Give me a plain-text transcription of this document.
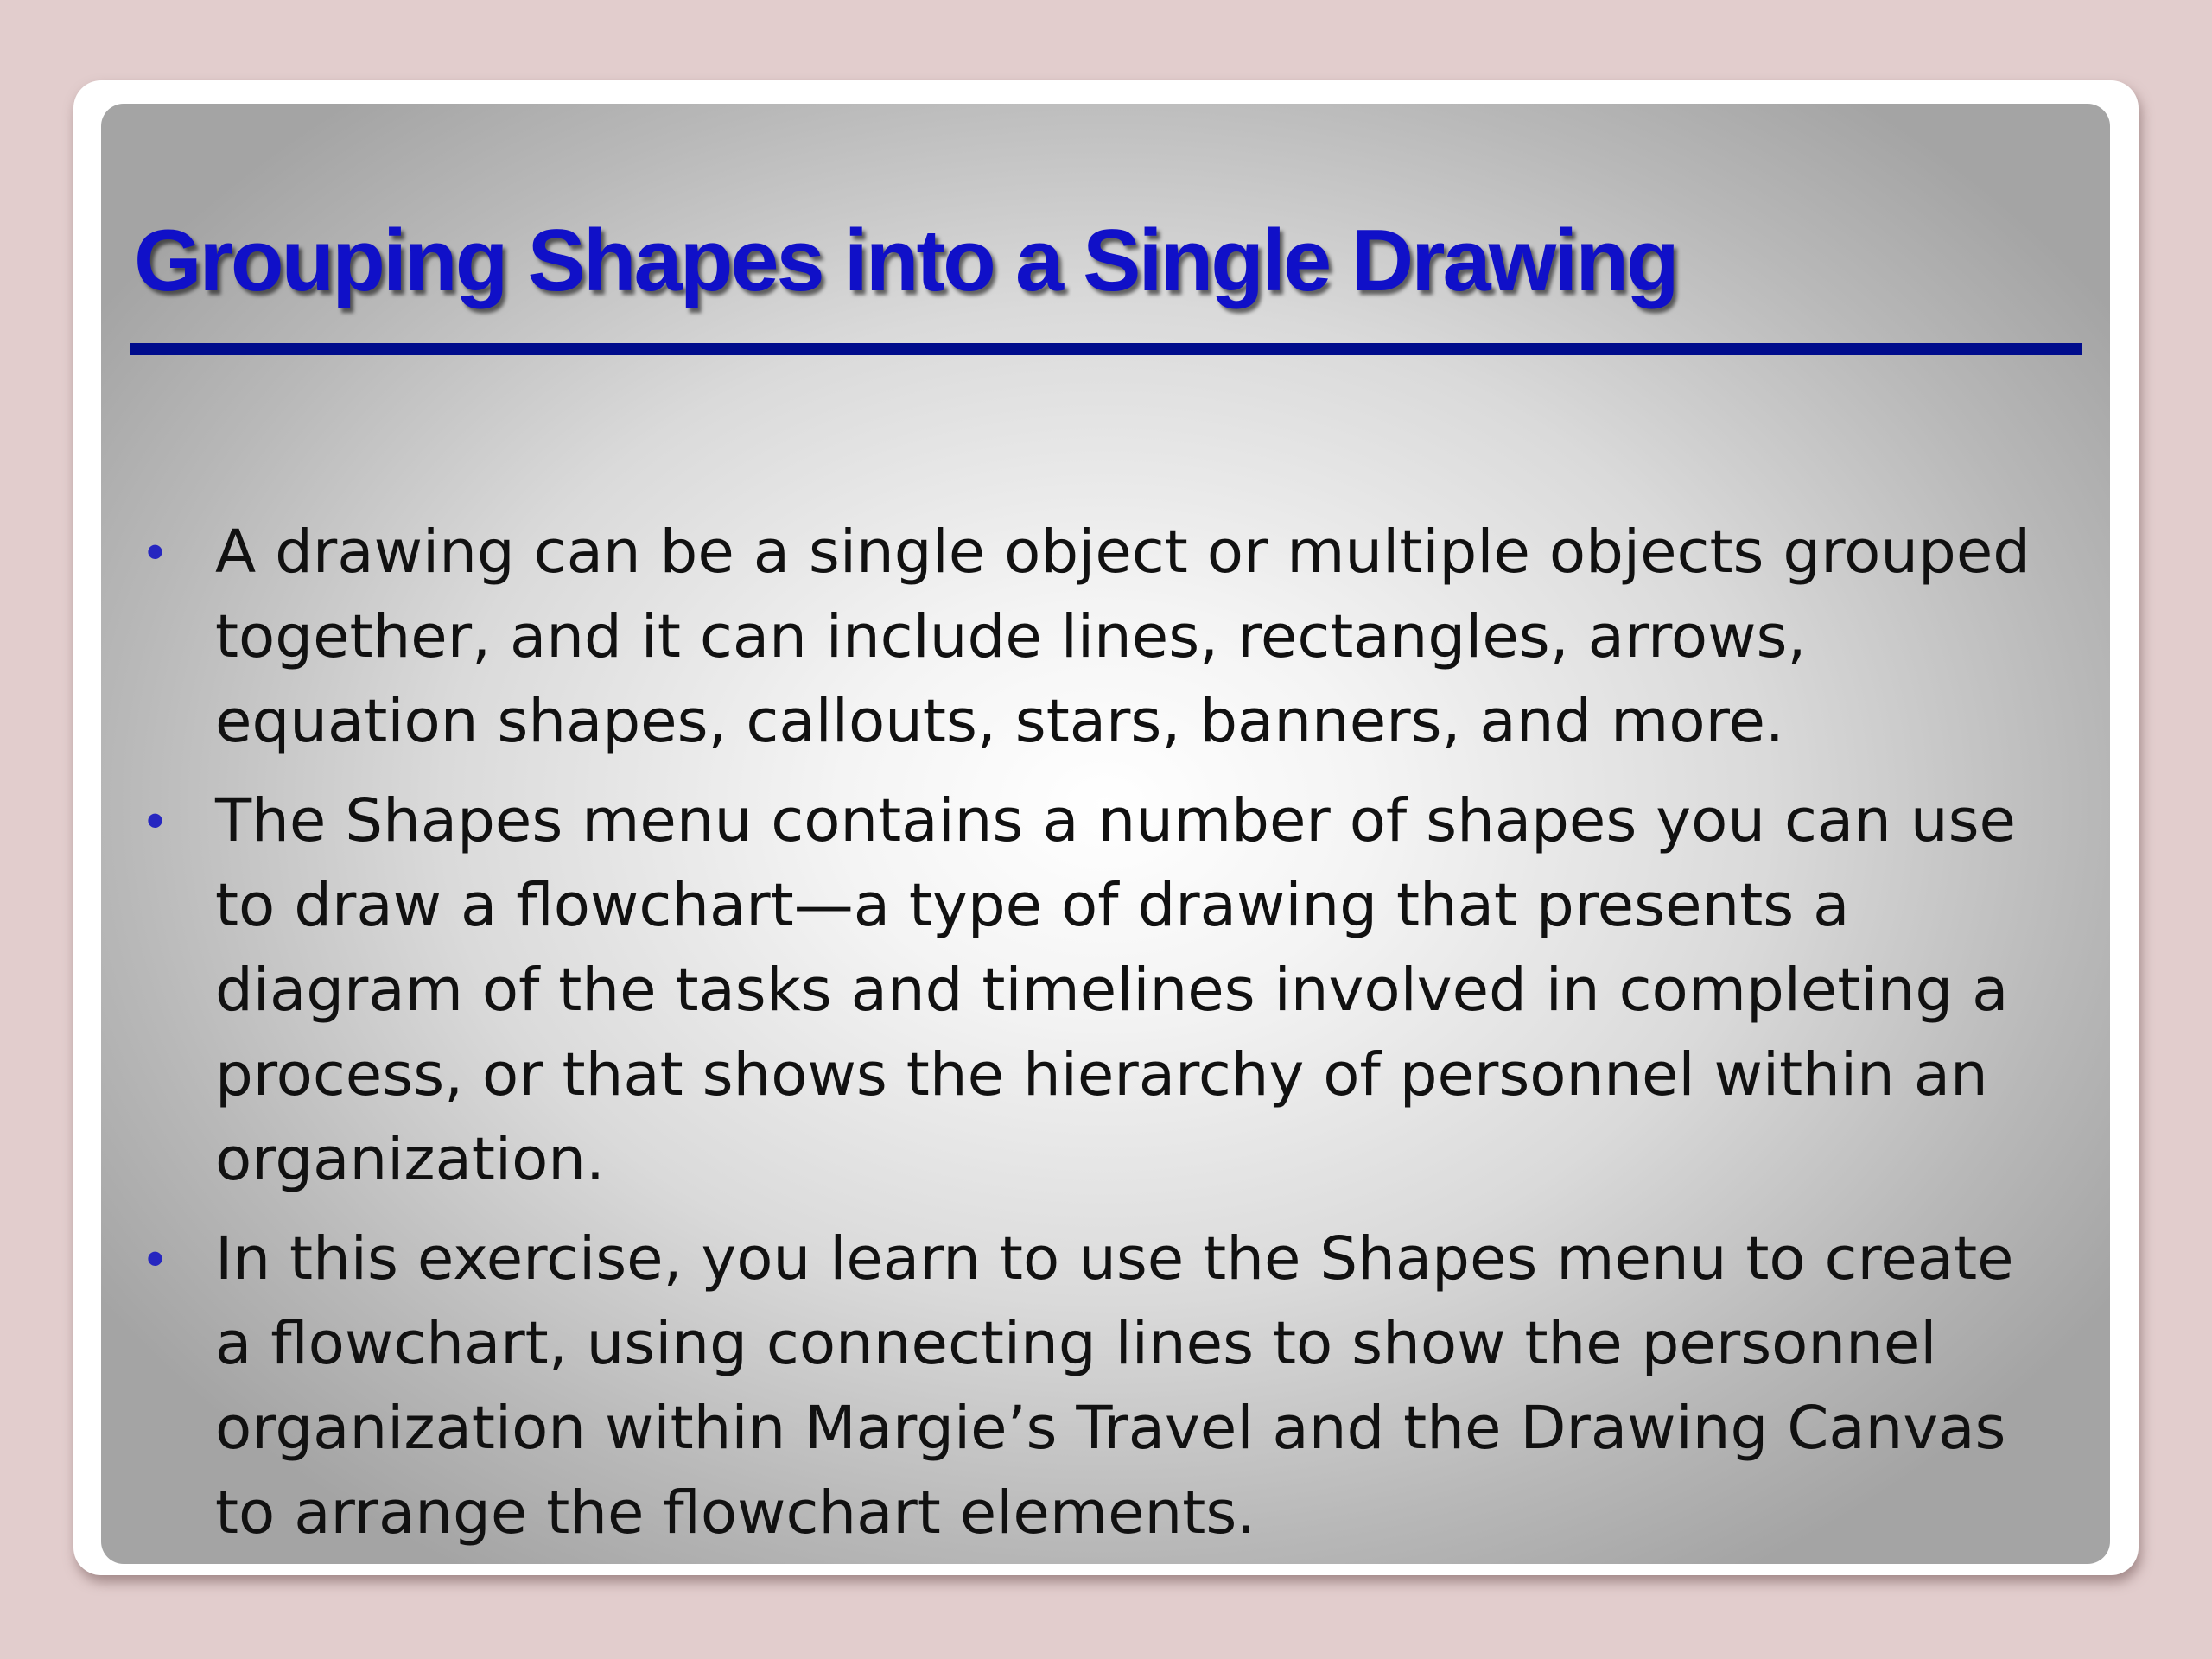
Grouping Shapes into a Single Drawing
• A drawing can be a single object or multiple objects grouped together, and it can include lines, rectangles, arrows, equation shapes, callouts, stars, banners, and more.
• The Shapes menu contains a number of shapes you can use to draw a flowchart—a type of drawing that presents a diagram of the tasks and timelines involved in completing a process, or that shows the hierarchy of personnel within an organization.
• In this exercise, you learn to use the Shapes menu to create a flowchart, using connecting lines to show the personnel organization within Margie’s Travel and the Drawing Canvas to arrange the flowchart elements.
